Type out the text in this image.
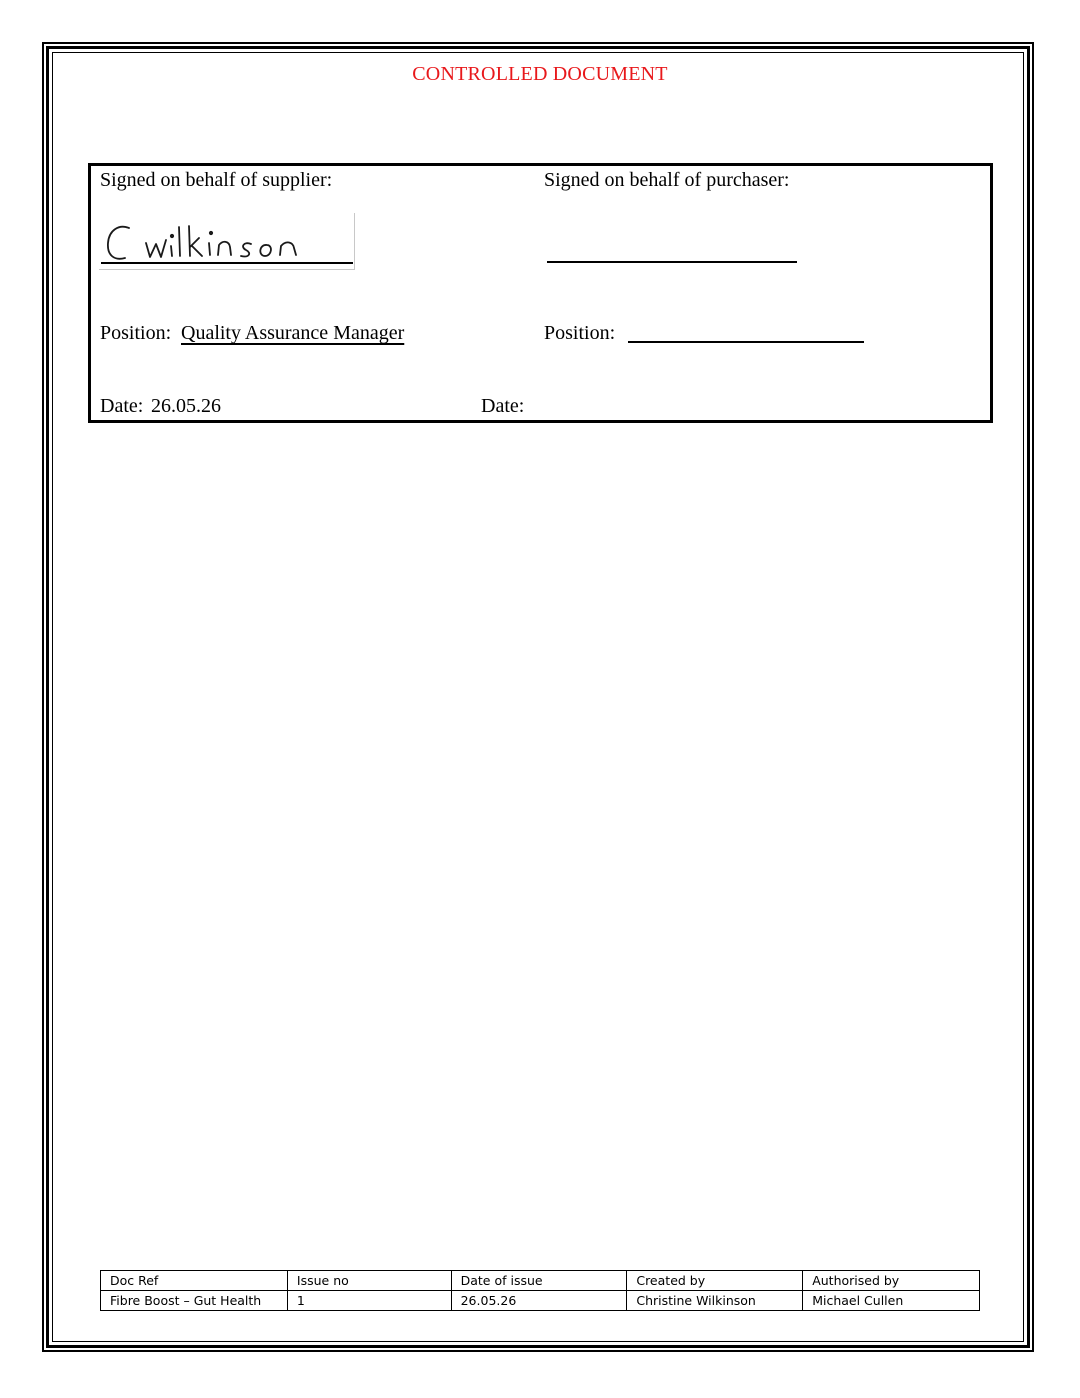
CONTROLLED DOCUMENT
Signed on behalf of supplier:	Signed on behalf of purchaser:
Position: Quality Assurance Manager	Position:
Date: 26.05.26	Date:
Doc Ref	Issue no	Date of issue	Created by	Authorised by
Fibre Boost – Gut Health	1	26.05.26	Christine Wilkinson	Michael Cullen
